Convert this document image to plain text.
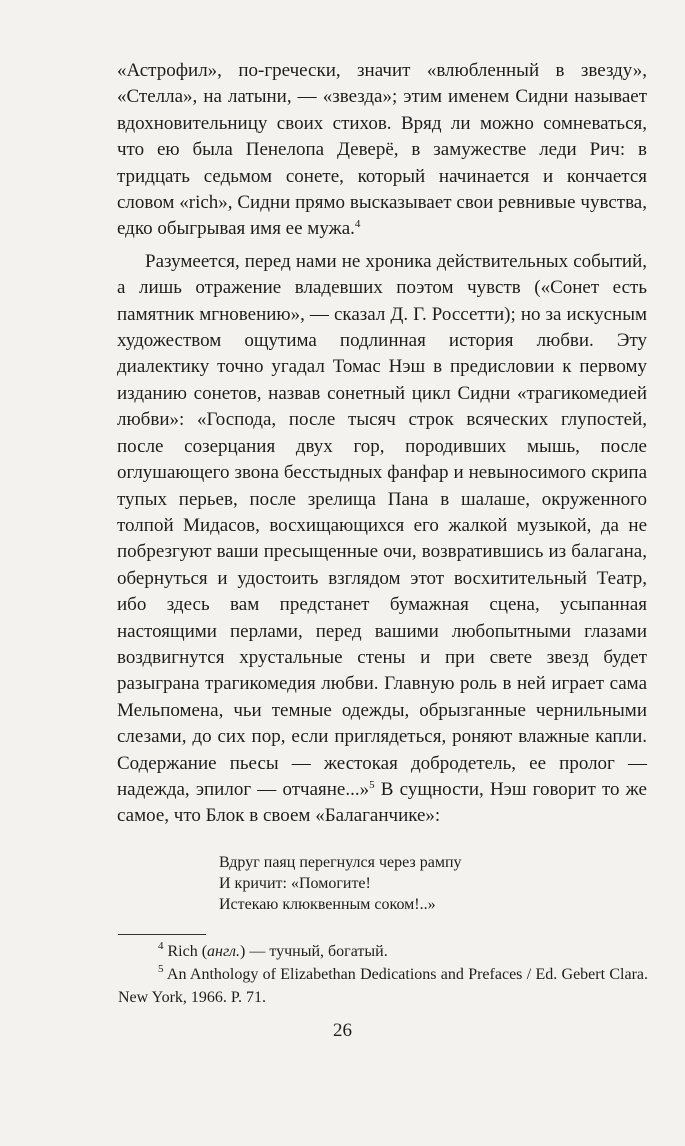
«Астрофил», по-гречески, значит «влюбленный в звезду», «Стелла», на латыни, — «звезда»; этим именем Сидни называет вдохновительницу своих стихов. Вряд ли можно сомневаться, что ею была Пенелопа Деверё, в замужестве леди Рич: в тридцать седьмом сонете, который начинается и кончается словом «rich», Сидни прямо высказывает свои ревнивые чувства, едко обыгрывая имя ее мужа.$^4$

Разумеется, перед нами не хроника действительных событий, а лишь отражение владевших поэтом чувств («Сонет есть памятник мгновению», — сказал Д. Г. Россетти); но за искусным художеством ощутима подлинная история любви. Эту диалектику точно угадал Томас Нэш в предисловии к первому изданию сонетов, назвав сонетный цикл Сидни «трагикомедией любви»: «Господа, после тысяч строк всяческих глупостей, после созерцания двух гор, породивших мышь, после оглушающего звона бесстыдных фанфар и невыносимого скрипа тупых перьев, после зрелища Пана в шалаше, окруженного толпой Мидасов, восхищающихся его жалкой музыкой, да не побрезгуют ваши пресыщенные очи, возвратившись из балагана, обернуться и удостоить взглядом этот восхитительный Театр, ибо здесь вам предстанет бумажная сцена, усыпанная настоящими перлами, перед вашими любопытными глазами воздвигнутся хрустальные стены и при свете звезд будет разыграна трагикомедия любви. Главную роль в ней играет сама Мельпомена, чьи темные одежды, обрызганные чернильными слезами, до сих пор, если приглядеться, роняют влажные капли. Содержание пьесы — жестокая добродетель, ее пролог — надежда, эпилог — отчаяне...»$^5$ В сущности, Нэш говорит то же самое, что Блок в своем «Балаганчике»:

Вдруг паяц перегнулся через рампу
И кричит: «Помогите!
Истекаю клюквенным соком!..»
$^4$ Rich (англ.) — тучный, богатый.
$^5$ An Anthology of Elizabethan Dedications and Prefaces / Ed. Gebert Clara. New York, 1966. P. 71.
26
